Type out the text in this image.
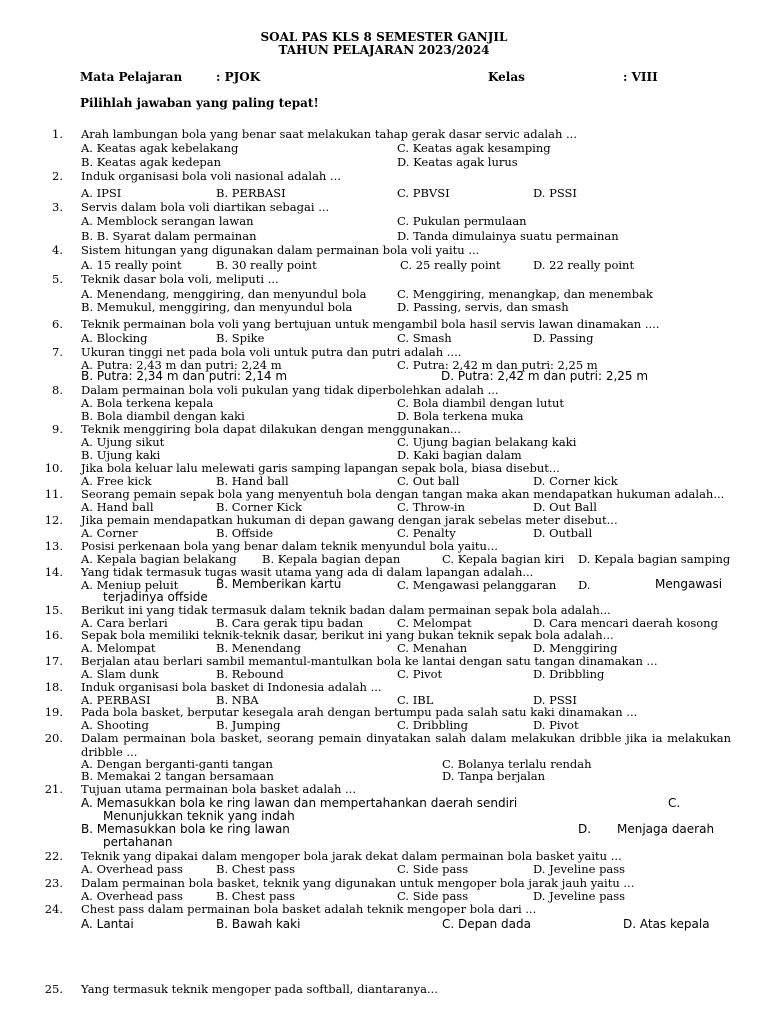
SOAL PAS KLS 8 SEMESTER GANJIL
TAHUN PELAJARAN 2023/2024
Mata Pelajaran	: PJOK	Kelas	: VIII
Pilihlah jawaban yang paling tepat!
1. Arah lambungan bola yang benar saat melakukan tahap gerak dasar servic adalah ...
A. Keatas agak kebelakang	C. Keatas agak kesamping
B. Keatas agak kedepan	D. Keatas agak lurus
2. Induk organisasi bola voli nasional adalah ...
A. IPSI	B. PERBASI	C. PBVSI	D. PSSI
3. Servis dalam bola voli diartikan sebagai ...
A. Memblock serangan lawan	C. Pukulan permulaan
B. B. Syarat dalam permainan	D. Tanda dimulainya suatu permainan
4. Sistem hitungan yang digunakan dalam permainan bola voli yaitu ...
A. 15 really point	B. 30 really point	C. 25 really point	D. 22 really point
5. Teknik dasar bola voli, meliputi ...
A. Menendang, menggiring, dan menyundul bola	C. Menggiring, menangkap, dan menembak
B. Memukul, menggiring, dan menyundul bola	D. Passing, servis, dan smash
6. Teknik permainan bola voli yang bertujuan untuk mengambil bola hasil servis lawan dinamakan ....
A. Blocking	B. Spike	C. Smash	D. Passing
7. Ukuran tinggi net pada bola voli untuk putra dan putri adalah ....
A. Putra: 2,43 m dan putri: 2,24 m	C. Putra: 2,42 m dan putri: 2,25 m
B. Putra: 2,34 m dan putri: 2,14 m	D. Putra: 2,42 m dan putri: 2,25 m
8. Dalam permainan bola voli pukulan yang tidak diperbolehkan adalah ...
A. Bola terkena kepala	C. Bola diambil dengan lutut
B. Bola diambil dengan kaki	D. Bola terkena muka
9. Teknik menggiring bola dapat dilakukan dengan menggunakan...
A. Ujung sikut	C. Ujung bagian belakang kaki
B. Ujung kaki	D. Kaki bagian dalam
10. Jika bola keluar lalu melewati garis samping lapangan sepak bola, biasa disebut...
A. Free kick	B. Hand ball	C. Out ball	D. Corner kick
11. Seorang pemain sepak bola yang menyentuh bola dengan tangan maka akan mendapatkan hukuman adalah...
A. Hand ball	B. Corner Kick	C. Throw-in	D. Out Ball
12. Jika pemain mendapatkan hukuman di depan gawang dengan jarak sebelas meter disebut...
A. Corner	B. Offside	C. Penalty	D. Outball
13. Posisi perkenaan bola yang benar dalam teknik menyundul bola yaitu...
A. Kepala bagian belakang B. Kepala bagian depan	C. Kepala bagian kiri D. Kepala bagian samping
14. Yang tidak termasuk tugas wasit utama yang ada di dalam lapangan adalah...
A. Meniup peluit	B. Memberikan kartu	C. Mengawasi pelanggaran D.	Mengawasi
terjadinya offside
15. Berikut ini yang tidak termasuk dalam teknik badan dalam permainan sepak bola adalah...
A. Cara berlari	B. Cara gerak tipu badan	C. Melompat	D. Cara mencari daerah kosong
16. Sepak bola memiliki teknik-teknik dasar, berikut ini yang bukan teknik sepak bola adalah...
A. Melompat	B. Menendang	C. Menahan	D. Menggiring
17. Berjalan atau berlari sambil memantul-mantulkan bola ke lantai dengan satu tangan dinamakan ...
A. Slam dunk	B. Rebound	C. Pivot	D. Dribbling
18. Induk organisasi bola basket di Indonesia adalah ...
A. PERBASI	B. NBA	C. IBL	D. PSSI
19. Pada bola basket, berputar kesegala arah dengan bertumpu pada salah satu kaki dinamakan ...
A. Shooting	B. Jumping	C. Dribbling	D. Pivot
20. Dalam permainan bola basket, seorang pemain dinyatakan salah dalam melakukan dribble jika ia melakukan dribble ...
A. Dengan berganti-ganti tangan	C. Bolanya terlalu rendah
B. Memakai 2 tangan bersamaan	D. Tanpa berjalan
21. Tujuan utama permainan bola basket adalah ...
A. Memasukkan bola ke ring lawan dan mempertahankan daerah sendiri	C.
Menunjukkan teknik yang indah
B. Memasukkan bola ke ring lawan	D. Menjaga daerah
pertahanan
22. Teknik yang dipakai dalam mengoper bola jarak dekat dalam permainan bola basket yaitu ...
A. Overhead pass	B. Chest pass	C. Side pass	D. Jeveline pass
23. Dalam permainan bola basket, teknik yang digunakan untuk mengoper bola jarak jauh yaitu ...
A. Overhead pass	B. Chest pass	C. Side pass	D. Jeveline pass
24. Chest pass dalam permainan bola basket adalah teknik mengoper bola dari ...
A. Lantai	B. Bawah kaki	C. Depan dada	D. Atas kepala
25. Yang termasuk teknik mengoper pada softball, diantaranya...
